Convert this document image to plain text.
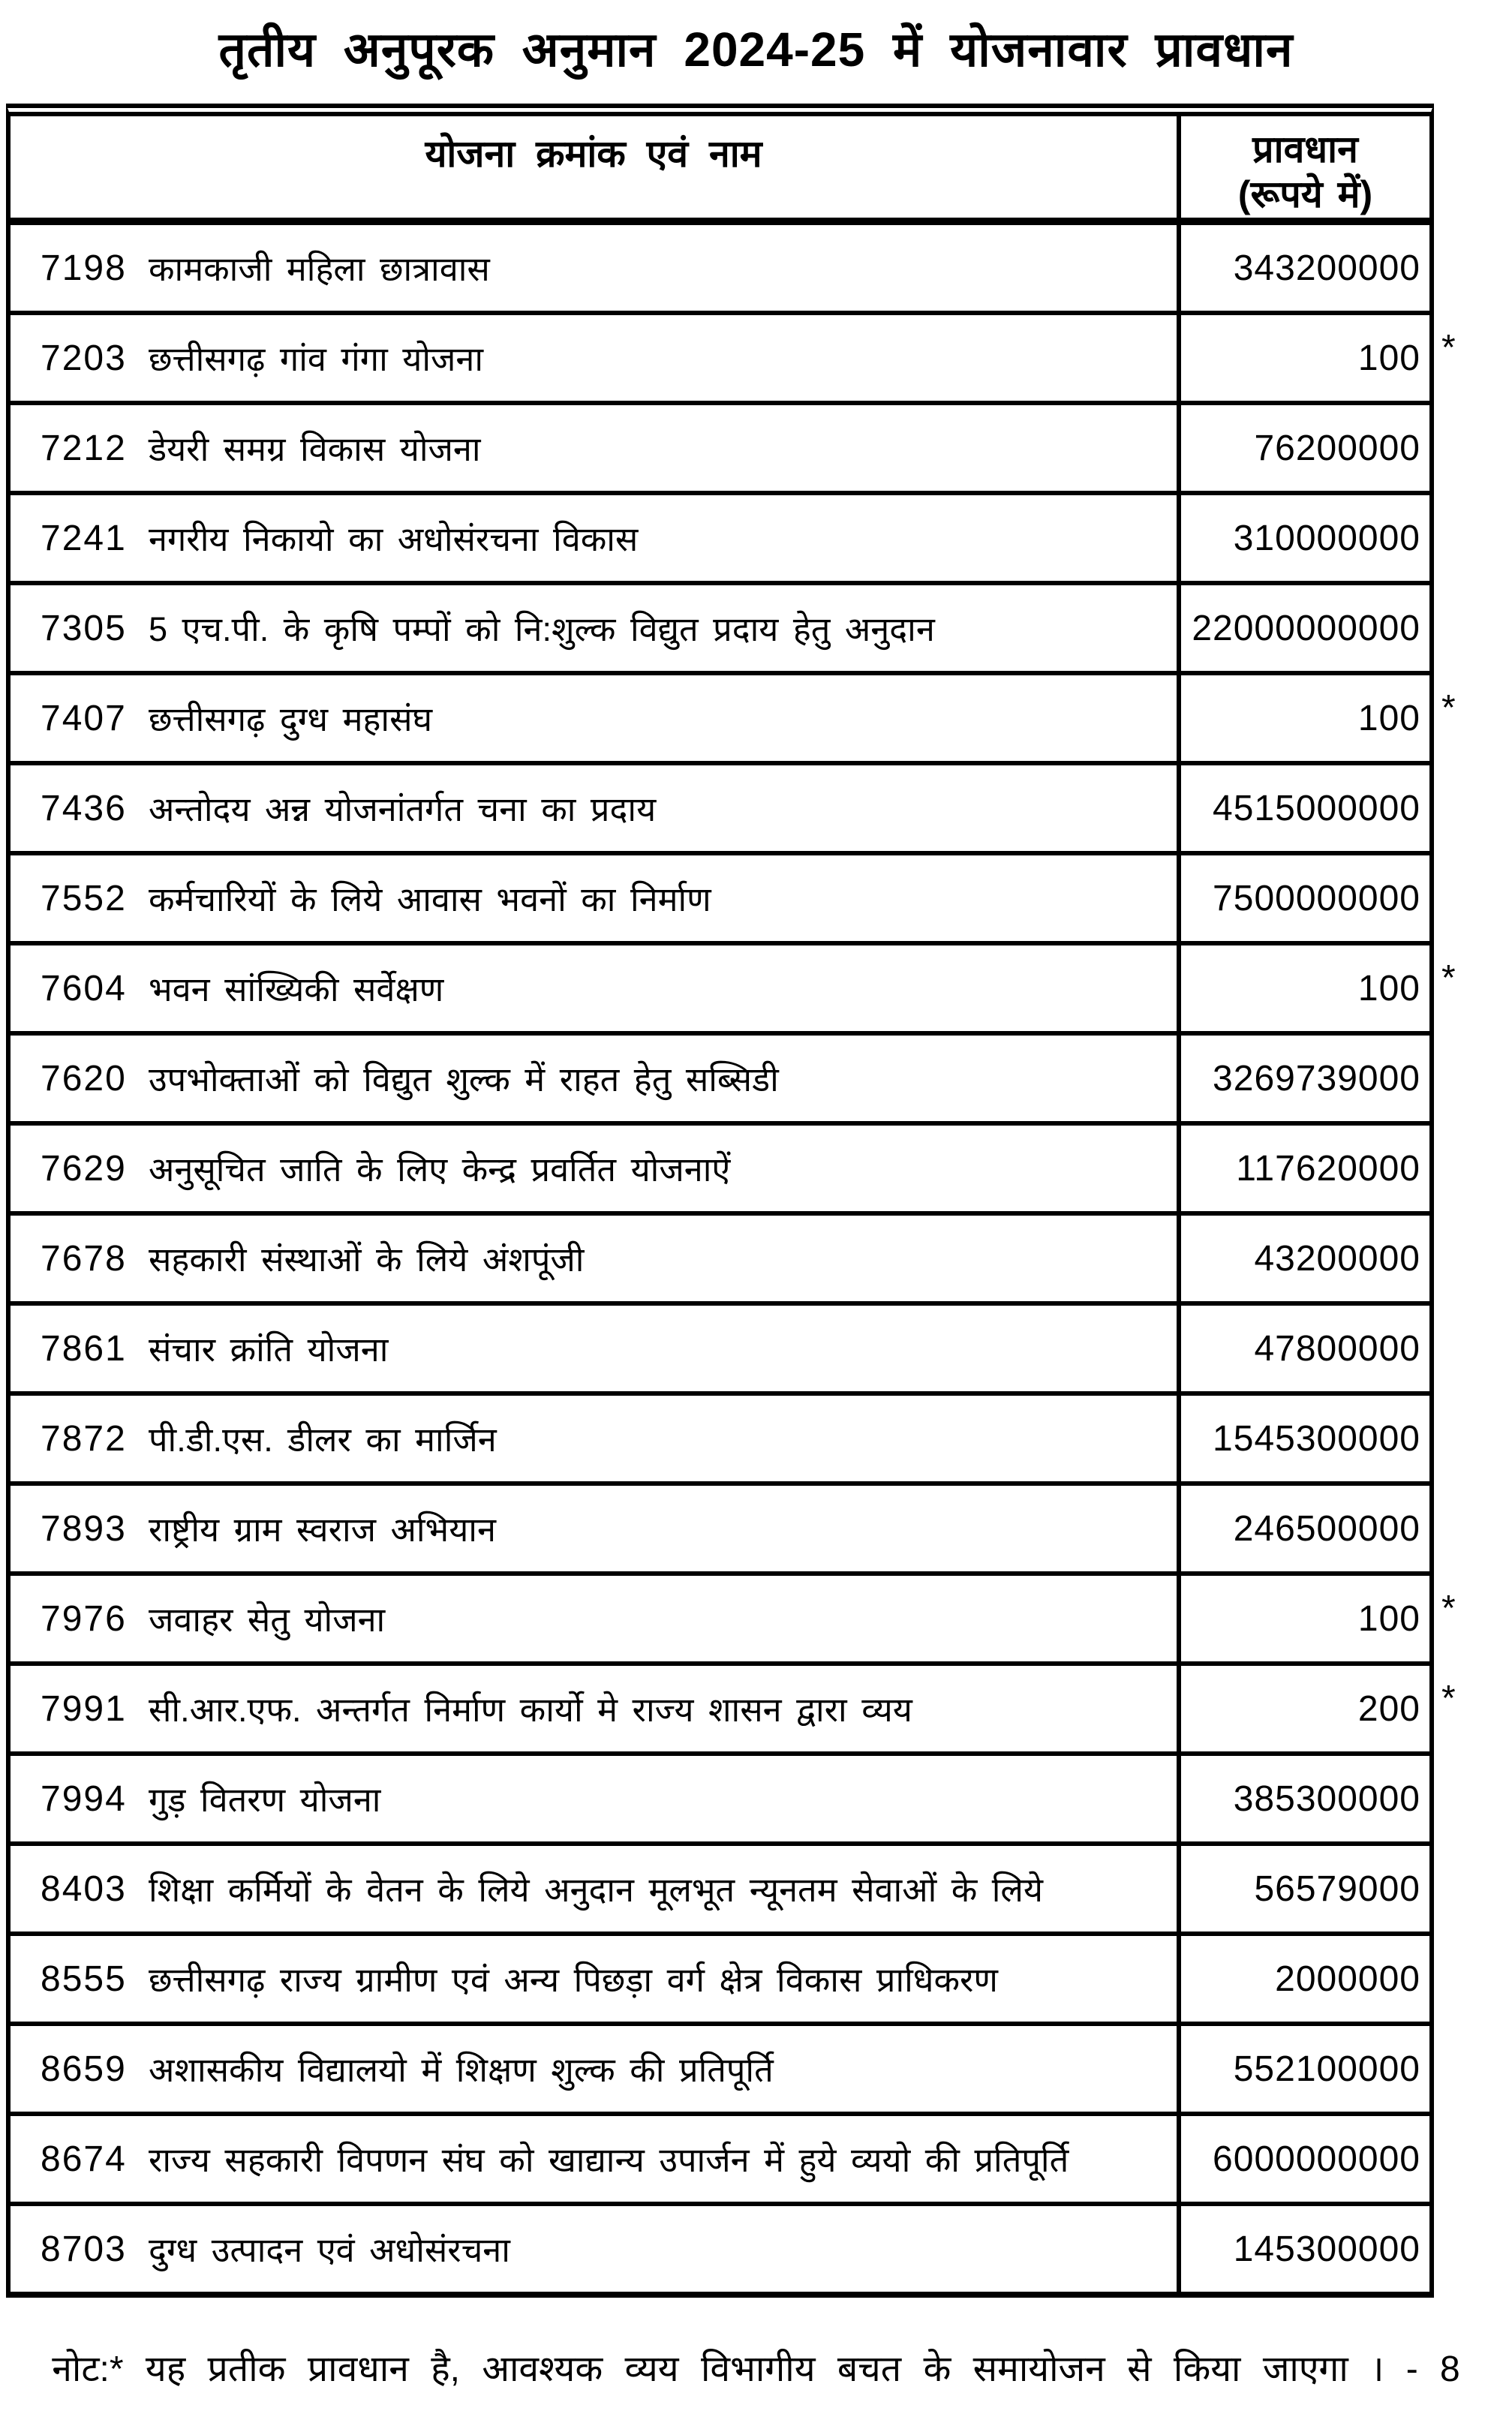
तृतीय अनुपूरक अनुमान 2024-25 में योजनावार प्रावधान
योजना क्रमांक एवं नाम	प्रावधान
(रूपये में)
7198 कामकाजी महिला छात्रावास	343200000
7203 छत्तीसगढ़ गांव गंगा योजना	100 *
7212 डेयरी समग्र विकास योजना	76200000
7241 नगरीय निकायो का अधोसंरचना विकास	310000000
7305 5 एच.पी. के कृषि पम्पों को नि:शुल्क विद्युत प्रदाय हेतु अनुदान	22000000000
7407 छत्तीसगढ़ दुग्ध महासंघ	100 *
7436 अन्तोदय अन्न योजनांतर्गत चना का प्रदाय	4515000000
7552 कर्मचारियों के लिये आवास भवनों का निर्माण	7500000000
7604 भवन सांख्यिकी सर्वेक्षण	100 *
7620 उपभोक्ताओं को विद्युत शुल्क में राहत हेतु सब्सिडी	3269739000
7629 अनुसूचित जाति के लिए केन्द्र प्रवर्तित योजनाऐं	117620000
7678 सहकारी संस्थाओं के लिये अंशपूंजी	43200000
7861 संचार क्रांति योजना	47800000
7872 पी.डी.एस. डीलर का मार्जिन	1545300000
7893 राष्ट्रीय ग्राम स्वराज अभियान	246500000
7976 जवाहर सेतु योजना	100 *
7991 सी.आर.एफ. अन्तर्गत निर्माण कार्यो मे राज्य शासन द्वारा व्यय	200 *
7994 गुड़ वितरण योजना	385300000
8403 शिक्षा कर्मियों के वेतन के लिये अनुदान मूलभूत न्यूनतम सेवाओं के लिये	56579000
8555 छत्तीसगढ़ राज्य ग्रामीण एवं अन्य पिछड़ा वर्ग क्षेत्र विकास प्राधिकरण	2000000
8659 अशासकीय विद्यालयो में शिक्षण शुल्क की प्रतिपूर्ति	552100000
8674 राज्य सहकारी विपणन संघ को खाद्यान्य उपार्जन में हुये व्ययो की प्रतिपूर्ति	6000000000
8703 दुग्ध उत्पादन एवं अधोसंरचना	145300000
नोट:* यह प्रतीक प्रावधान है, आवश्यक व्यय विभागीय बचत के समायोजन से किया जाएगा । - 8
